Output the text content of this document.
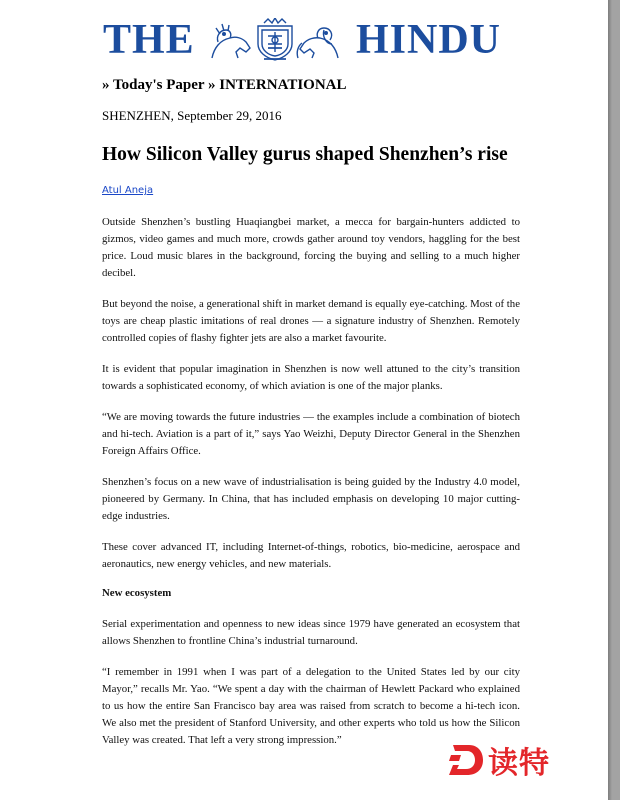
THE	HINDU
» Today's Paper » INTERNATIONAL
SHENZHEN, September 29, 2016
How Silicon Valley gurus shaped Shenzhen’s rise
Atul Aneja

Outside Shenzhen’s bustling Huaqiangbei market, a mecca for bargain-hunters addicted to gizmos, video games and much more, crowds gather around toy vendors, haggling for the best price. Loud music blares in the background, forcing the buying and selling to a much higher decibel.

But beyond the noise, a generational shift in market demand is equally eye-catching. Most of the toys are cheap plastic imitations of real drones — a signature industry of Shenzhen. Remotely controlled copies of flashy fighter jets are also a market favourite.

It is evident that popular imagination in Shenzhen is now well attuned to the city’s transition towards a sophisticated economy, of which aviation is one of the major planks.

“We are moving towards the future industries — the examples include a combination of biotech and hi-tech. Aviation is a part of it,” says Yao Weizhi, Deputy Director General in the Shenzhen Foreign Affairs Office.

Shenzhen’s focus on a new wave of industrialisation is being guided by the Industry 4.0 model, pioneered by Germany. In China, that has included emphasis on developing 10 major cutting-edge industries.

These cover advanced IT, including Internet-of-things, robotics, bio-medicine, aerospace and aeronautics, new energy vehicles, and new materials.

New ecosystem

Serial experimentation and openness to new ideas since 1979 have generated an ecosystem that allows Shenzhen to frontline China’s industrial turnaround.

“I remember in 1991 when I was part of a delegation to the United States led by our city Mayor,” recalls Mr. Yao. “We spent a day with the chairman of Hewlett Packard who explained to us how the entire San Francisco bay area was raised from scratch to become a hi-tech icon. We also met the president of Stanford University, and other experts who told us how the Silicon Valley was created. That left a very strong impression.”

读特
